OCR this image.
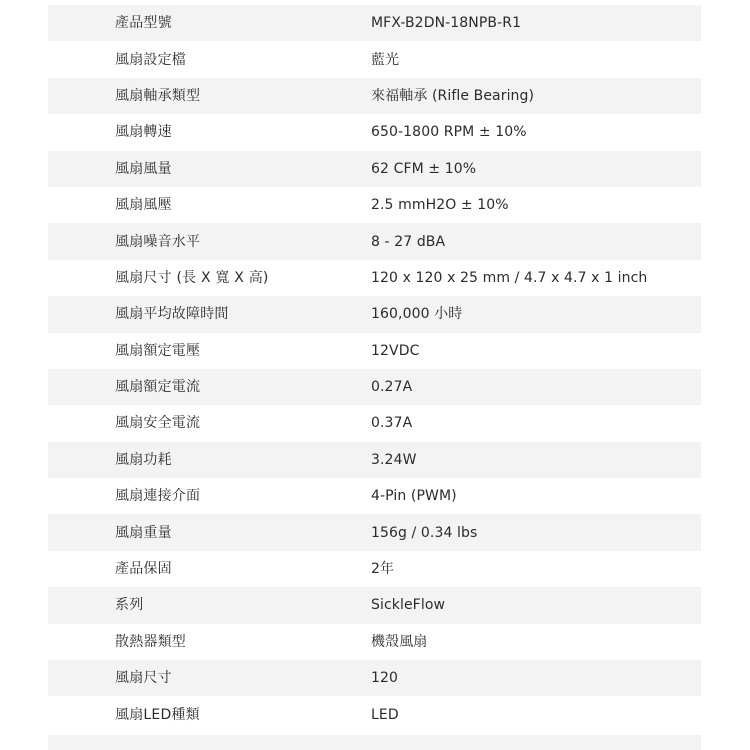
產品型號	MFX-B2DN-18NPB-R1
風扇設定檔	藍光
風扇軸承類型	來福軸承 (Rifle Bearing)
風扇轉速	650-1800 RPM ± 10%
風扇風量	62 CFM ± 10%
風扇風壓	2.5 mmH2O ± 10%
風扇噪音水平	8 - 27 dBA
風扇尺寸 (長 X 寬 X 高)	120 x 120 x 25 mm / 4.7 x 4.7 x 1 inch
風扇平均故障時間	160,000 小時
風扇額定電壓	12VDC
風扇額定電流	0.27A
風扇安全電流	0.37A
風扇功耗	3.24W
風扇連接介面	4-Pin (PWM)
風扇重量	156g / 0.34 lbs
產品保固	2年
系列	SickleFlow
散熱器類型	機殼風扇
風扇尺寸	120
風扇LED種類	LED
